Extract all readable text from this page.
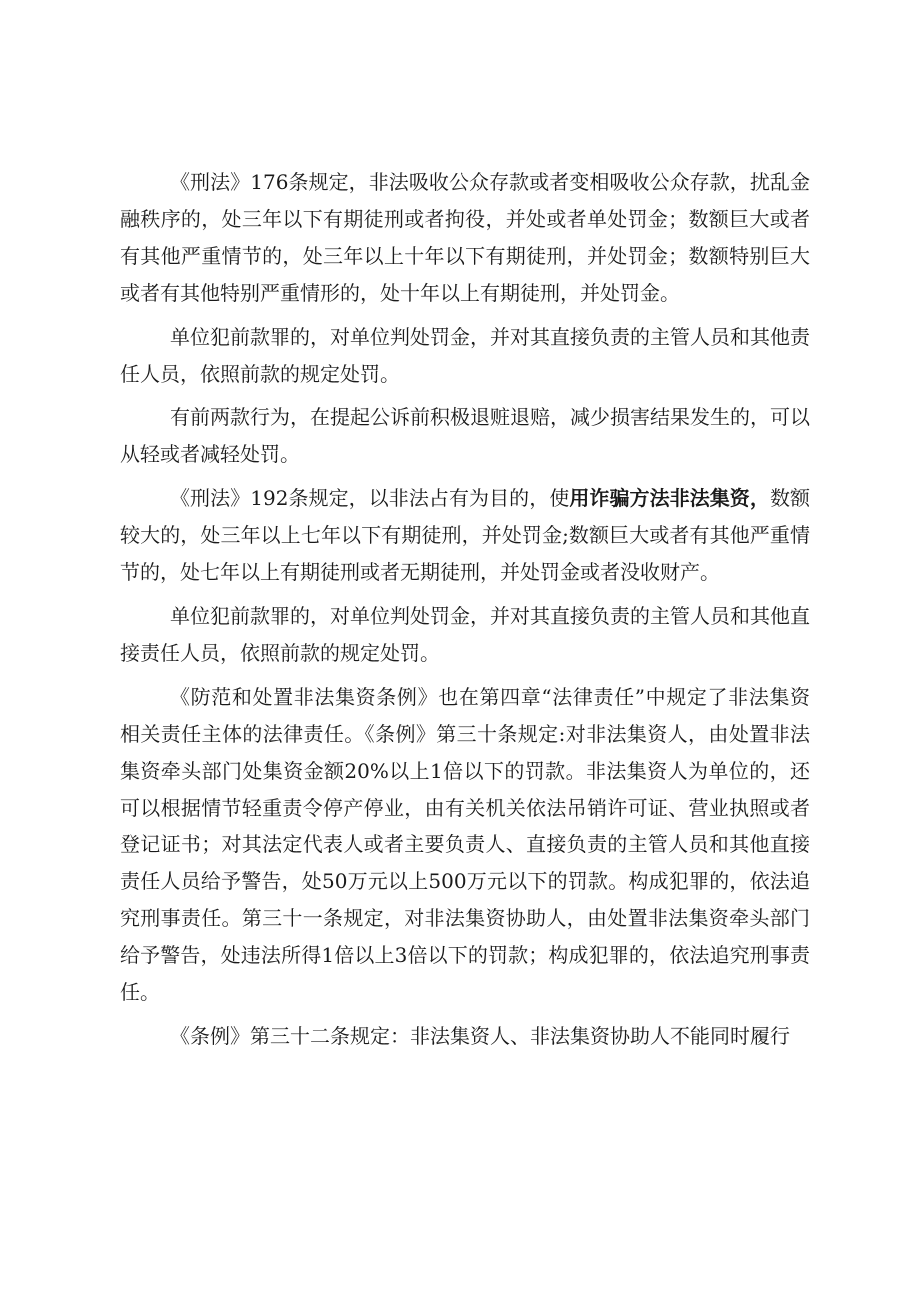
《刑法》176条规定，非法吸收公众存款或者变相吸收公众存款，扰乱金融秩序的，处三年以下有期徒刑或者拘役，并处或者单处罚金；数额巨大或者有其他严重情节的，处三年以上十年以下有期徒刑，并处罚金；数额特别巨大或者有其他特别严重情形的，处十年以上有期徒刑，并处罚金。

单位犯前款罪的，对单位判处罚金，并对其直接负责的主管人员和其他责任人员，依照前款的规定处罚。

有前两款行为，在提起公诉前积极退赃退赔，减少损害结果发生的，可以从轻或者减轻处罚。

《刑法》192条规定，以非法占有为目的，使用诈骗方法非法集资，数额较大的，处三年以上七年以下有期徒刑，并处罚金;数额巨大或者有其他严重情节的，处七年以上有期徒刑或者无期徒刑，并处罚金或者没收财产。

单位犯前款罪的，对单位判处罚金，并对其直接负责的主管人员和其他直接责任人员，依照前款的规定处罚。

《防范和处置非法集资条例》也在第四章“法律责任”中规定了非法集资相关责任主体的法律责任。《条例》第三十条规定:对非法集资人，由处置非法集资牵头部门处集资金额20%以上1倍以下的罚款。非法集资人为单位的，还可以根据情节轻重责令停产停业，由有关机关依法吊销许可证、营业执照或者登记证书；对其法定代表人或者主要负责人、直接负责的主管人员和其他直接责任人员给予警告，处50万元以上500万元以下的罚款。构成犯罪的，依法追究刑事责任。第三十一条规定，对非法集资协助人，由处置非法集资牵头部门给予警告，处违法所得1倍以上3倍以下的罚款；构成犯罪的，依法追究刑事责任。

《条例》第三十二条规定：非法集资人、非法集资协助人不能同时履行
